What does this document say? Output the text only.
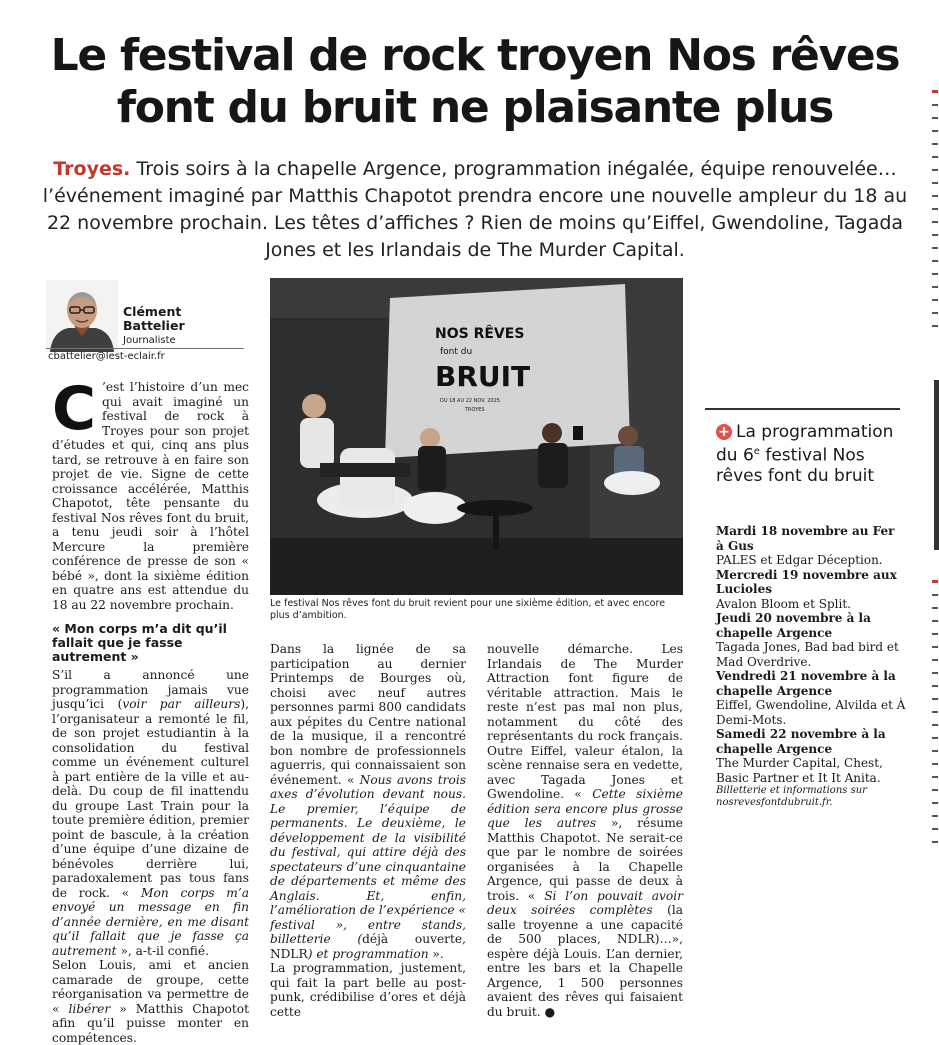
Le festival de rock troyen Nos rêves font du bruit ne plaisante plus
Troyes. Trois soirs à la chapelle Argence, programmation inégalée, équipe renouvelée… l’événement imaginé par Matthis Chapotot prendra encore une nouvelle ampleur du 18 au 22 novembre prochain. Les têtes d’affiches ? Rien de moins qu’Eiffel, Gwendoline, Tagada Jones et les Irlandais de The Murder Capital.
Clément
Battelier
Journaliste
cbattelier@lest-eclair.fr
NOS RÊVES
font du
BRUIT
DU 18 AU 22 NOV. 2025
TROYES
Le festival Nos rêves font du bruit revient pour une sixième édition, et avec encore plus d’ambition.

C ’est l’histoire d’un mec qui avait imaginé un festival de rock à Troyes pour son projet d’études et qui, cinq ans plus tard, se retrouve à en faire son projet de vie. Signe de cette croissance accélérée, Matthis Chapotot, tête pensante du festival Nos rêves font du bruit, a tenu jeudi soir à l’hôtel Mercure la première conférence de presse de son « bébé », dont la sixième édition en quatre ans est attendue du 18 au 22 novembre prochain.

« Mon corps m’a dit qu’il fallait que je fasse autrement »

S’il a annoncé une programmation jamais vue jusqu’ici (voir par ailleurs), l’organisateur a remonté le fil, de son projet estudiantin à la consolidation du festival comme un événement culturel à part entière de la ville et au-delà. Du coup de fil inattendu du groupe Last Train pour la toute première édition, premier point de bascule, à la création d’une équipe d’une dizaine de bénévoles derrière lui, paradoxalement pas tous fans de rock. « Mon corps m’a envoyé un message en fin d’année dernière, en me disant qu’il fallait que je fasse ça autrement », a-t-il confié.

Selon Louis, ami et ancien camarade de groupe, cette réorganisation va permettre de « libérer » Matthis Chapotot afin qu’il puisse monter en compétences.

Dans la lignée de sa participation au dernier Printemps de Bourges où, choisi avec neuf autres personnes parmi 800 candidats aux pépites du Centre national de la musique, il a rencontré bon nombre de professionnels aguerris, qui connaissaient son événement. « Nous avons trois axes d’évolution devant nous. Le premier, l’équipe de permanents. Le deuxième, le développement de la visibilité du festival, qui attire déjà des spectateurs d’une cinquantaine de départements et même des Anglais. Et, enfin, l’amélioration de l’expérience « festival », entre stands, billetterie (déjà ouverte, NDLR) et programmation ».

La programmation, justement, qui fait la part belle au post-punk, crédibilise d’ores et déjà cette

nouvelle démarche. Les Irlandais de The Murder Attraction font figure de véritable attraction. Mais le reste n’est pas mal non plus, notamment du côté des représentants du rock français. Outre Eiffel, valeur étalon, la scène rennaise sera en vedette, avec Tagada Jones et Gwendoline. « Cette sixième édition sera encore plus grosse que les autres », résume Matthis Chapotot. Ne serait-ce que par le nombre de soirées organisées à la Chapelle Argence, qui passe de deux à trois. « Si l’on pouvait avoir deux soirées complètes (la salle troyenne a une capacité de 500 places, NDLR)…», espère déjà Louis. L’an dernier, entre les bars et la Chapelle Argence, 1 500 personnes avaient des rêves qui faisaient du bruit. ●

+ La programmation du 6e festival Nos rêves font du bruit

Mardi 18 novembre au Fer à Gus

PALES et Edgar Déception.

Mercredi 19 novembre aux Lucioles

Avalon Bloom et Split.

Jeudi 20 novembre à la chapelle Argence

Tagada Jones, Bad bad bird et Mad Overdrive.

Vendredi 21 novembre à la chapelle Argence

Eiffel, Gwendoline, Alvilda et À Demi-Mots.

Samedi 22 novembre à la chapelle Argence

The Murder Capital, Chest, Basic Partner et It It Anita.

Billetterie et informations sur nosrevesfontdubruit.fr.
